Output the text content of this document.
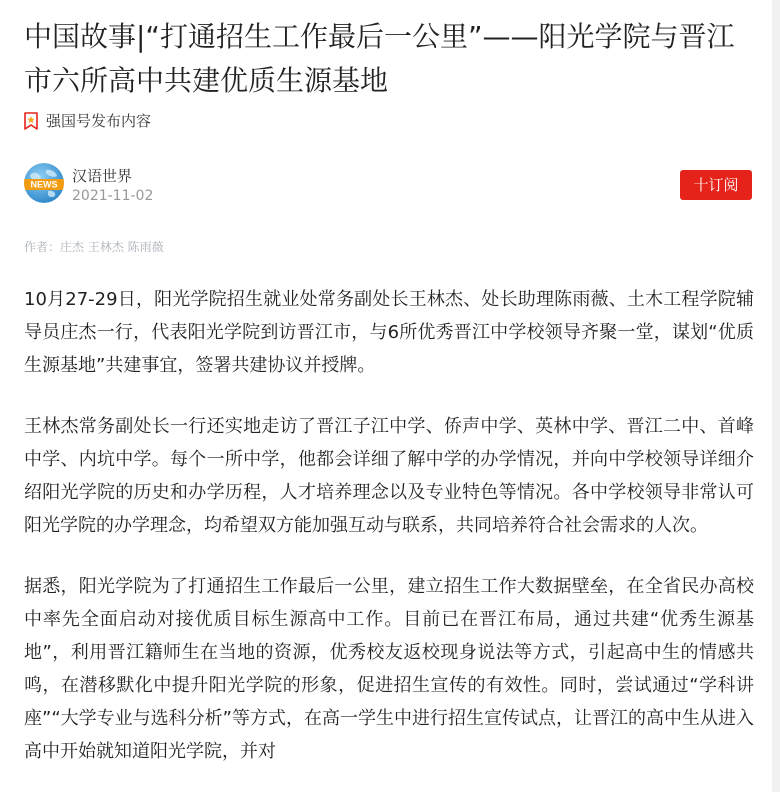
中国故事|“打通招生工作最后一公里”——阳光学院与晋江市六所高中共建优质生源基地
强国号发布内容
NEWS 汉语世界
2021-11-02
十订阅
作者：庄杰 王林杰 陈雨薇

10月27-29日，阳光学院招生就业处常务副处长王林杰、处长助理陈雨薇、土木工程学院辅导员庄杰一行，代表阳光学院到访晋江市，与6所优秀晋江中学校领导齐聚一堂，谋划“优质生源基地”共建事宜，签署共建协议并授牌。

王林杰常务副处长一行还实地走访了晋江子江中学、侨声中学、英林中学、晋江二中、首峰中学、内坑中学。每个一所中学，他都会详细了解中学的办学情况，并向中学校领导详细介绍阳光学院的历史和办学历程，人才培养理念以及专业特色等情况。各中学校领导非常认可阳光学院的办学理念，均希望双方能加强互动与联系，共同培养符合社会需求的人次。

据悉，阳光学院为了打通招生工作最后一公里，建立招生工作大数据壁垒，在全省民办高校中率先全面启动对接优质目标生源高中工作。目前已在晋江布局，通过共建“优秀生源基地”，利用晋江籍师生在当地的资源，优秀校友返校现身说法等方式，引起高中生的情感共鸣，在潜移默化中提升阳光学院的形象，促进招生宣传的有效性。同时，尝试通过“学科讲座”“大学专业与选科分析”等方式，在高一学生中进行招生宣传试点，让晋江的高中生从进入高中开始就知道阳光学院，并对
